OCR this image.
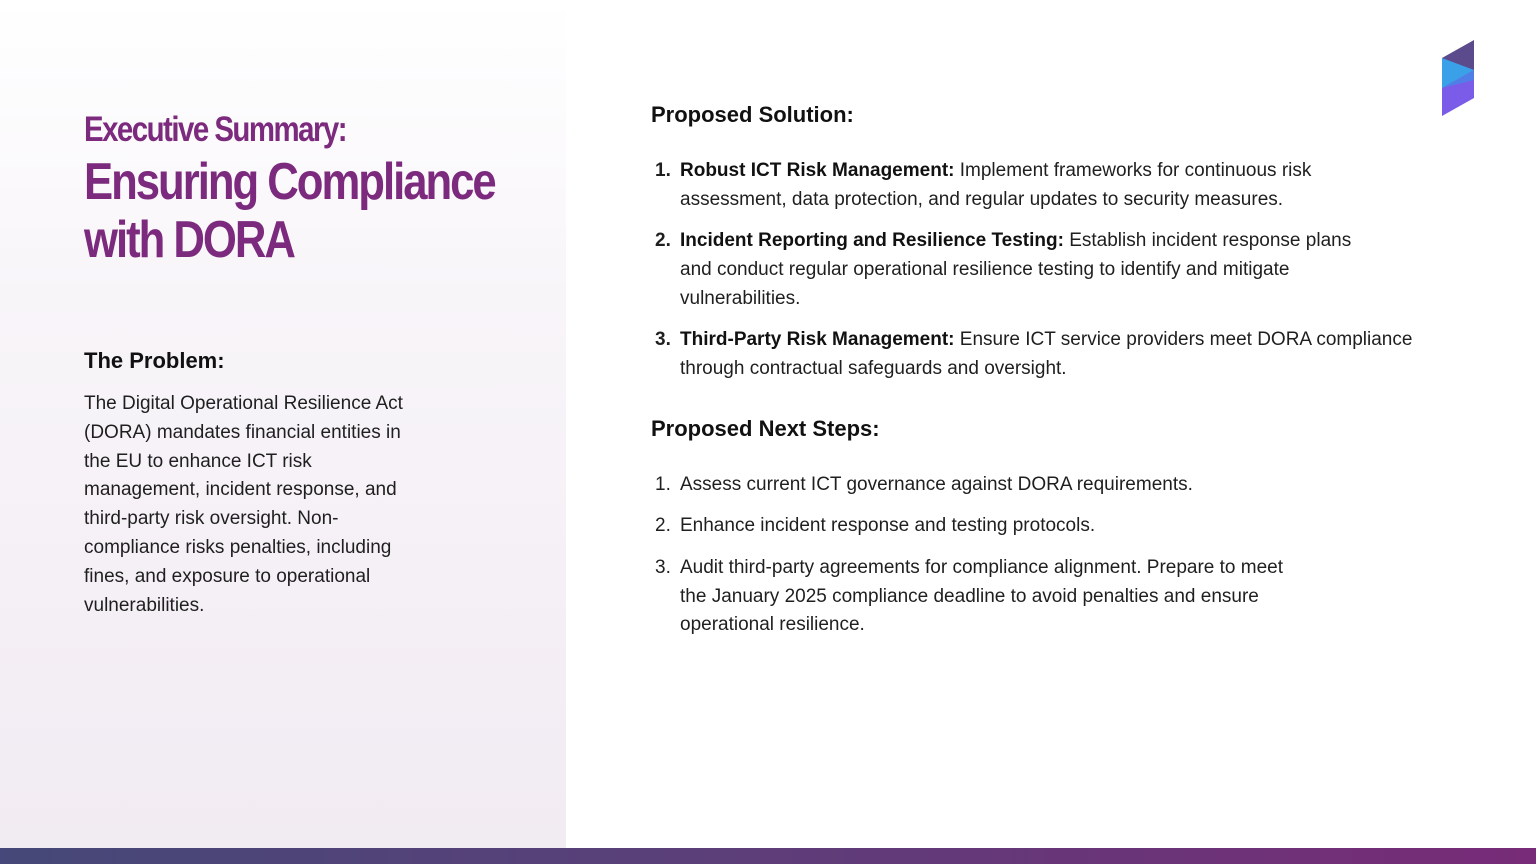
Executive Summary:
Ensuring Compliance with DORA
The Problem:

The Digital Operational Resilience Act (DORA) mandates financial entities in the EU to enhance ICT risk management, incident response, and third-party risk oversight. Non-compliance risks penalties, including fines, and exposure to operational vulnerabilities.

Proposed Solution:
1. Robust ICT Risk Management: Implement frameworks for continuous risk assessment, data protection, and regular updates to security measures.
2. Incident Reporting and Resilience Testing: Establish incident response plans and conduct regular operational resilience testing to identify and mitigate vulnerabilities.
3. Third-Party Risk Management: Ensure ICT service providers meet DORA compliance through contractual safeguards and oversight.
Proposed Next Steps:
1. Assess current ICT governance against DORA requirements.
2. Enhance incident response and testing protocols.
3. Audit third-party agreements for compliance alignment. Prepare to meet the January 2025 compliance deadline to avoid penalties and ensure operational resilience.
